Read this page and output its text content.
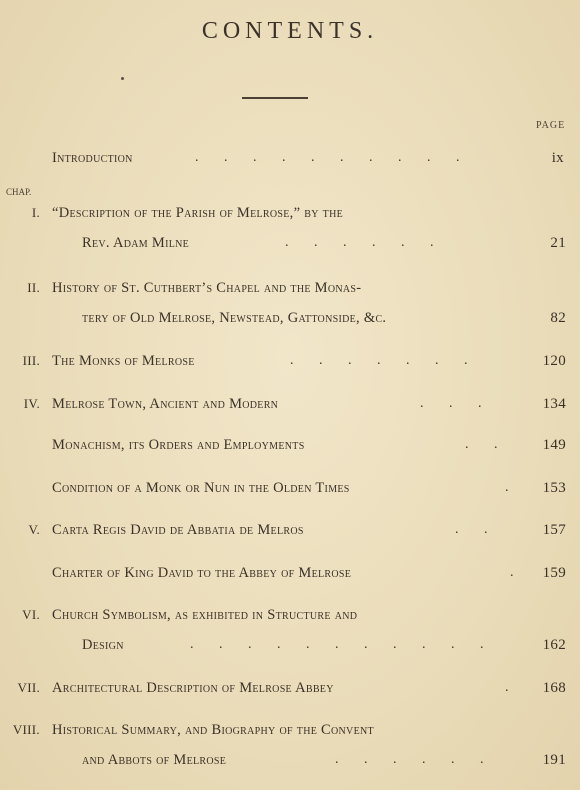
CONTENTS.
PAGE
CHAP.
Introduction	. . . . . . . . . .	ix
I. “Description of the Parish of Melrose,” by the
Rev. Adam Milne	. . . . . .	21
II. History of St. Cuthbert’s Chapel and the Monas-
tery of Old Melrose, Newstead, Gattonside, &c.	82
III. The Monks of Melrose	. . . . . . .	120
IV. Melrose Town, Ancient and Modern	. . .	134
Monachism, its Orders and Employments	. . 149
Condition of a Monk or Nun in the Olden Times	. 153
V. Carta Regis David de Abbatia de Melros	. .	157
Charter of King David to the Abbey of Melrose	. 159
VI. Church Symbolism, as exhibited in Structure and
Design	. . . . . . . . . . .	162
VII. Architectural Description of Melrose Abbey	. 168
VIII. Historical Summary, and Biography of the Convent
and Abbots of Melrose	. . . . . .	191
